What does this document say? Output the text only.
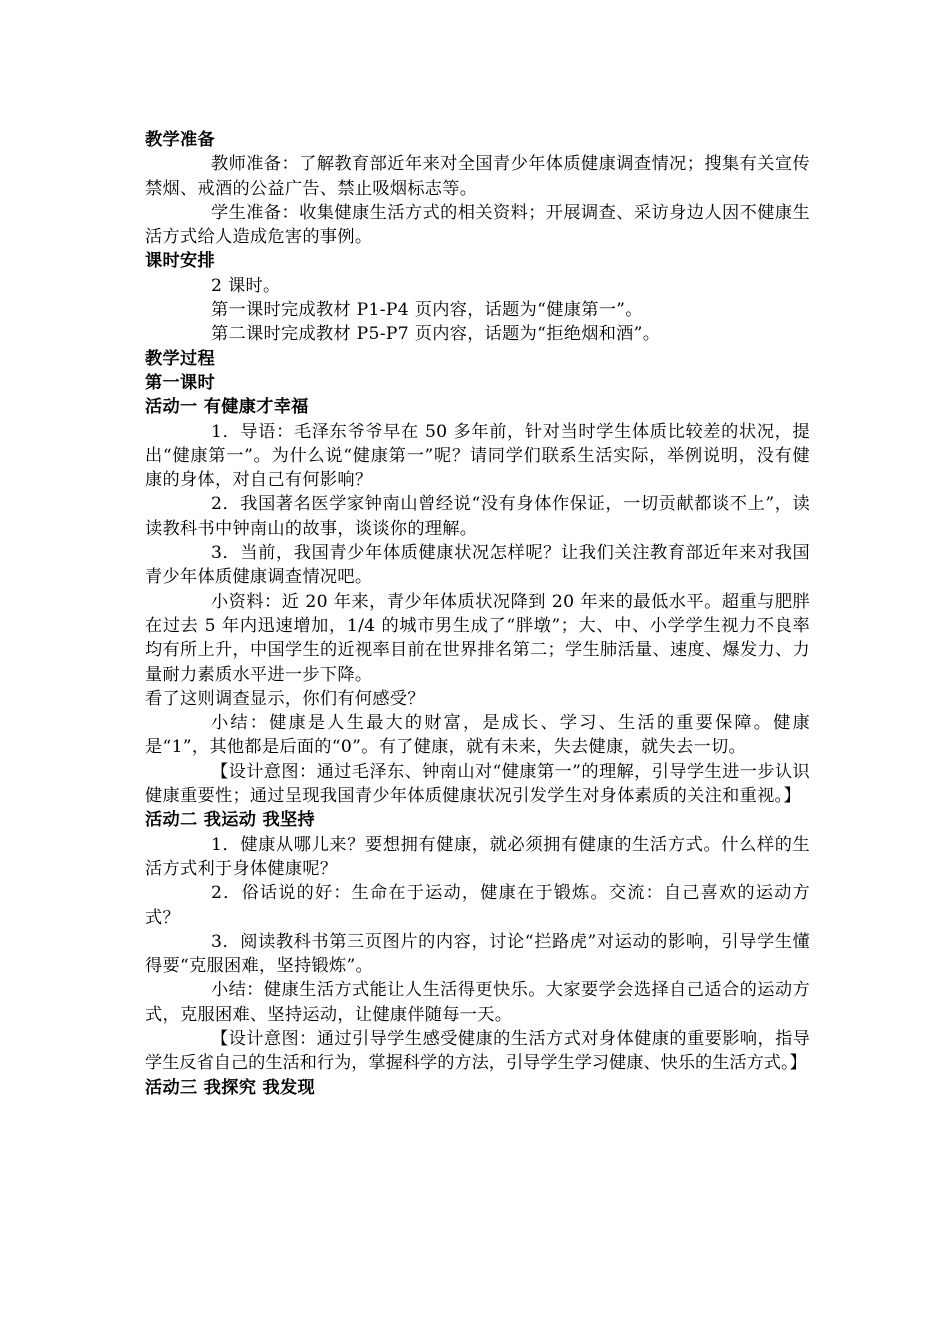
教学准备
教师准备：了解教育部近年来对全国青少年体质健康调查情况；搜集有关宣传禁烟、戒酒的公益广告、禁止吸烟标志等。
学生准备：收集健康生活方式的相关资料；开展调查、采访身边人因不健康生活方式给人造成危害的事例。
课时安排
2 课时。
第一课时完成教材 P1-P4 页内容，话题为“健康第一”。
第二课时完成教材 P5-P7 页内容，话题为“拒绝烟和酒”。
教学过程
第一课时
活动一 有健康才幸福
1．导语：毛泽东爷爷早在 50 多年前，针对当时学生体质比较差的状况，提出“健康第一”。为什么说“健康第一”呢？请同学们联系生活实际，举例说明，没有健康的身体，对自己有何影响？
2．我国著名医学家钟南山曾经说“没有身体作保证，一切贡献都谈不上”，读读教科书中钟南山的故事，谈谈你的理解。
3．当前，我国青少年体质健康状况怎样呢？让我们关注教育部近年来对我国青少年体质健康调查情况吧。
小资料：近 20 年来，青少年体质状况降到 20 年来的最低水平。超重与肥胖在过去 5 年内迅速增加，1/4 的城市男生成了“胖墩”；大、中、小学学生视力不良率均有所上升，中国学生的近视率目前在世界排名第二；学生肺活量、速度、爆发力、力量耐力素质水平进一步下降。
看了这则调查显示，你们有何感受？
小结：健康是人生最大的财富，是成长、学习、生活的重要保障。健康是“1”，其他都是后面的“0”。有了健康，就有未来，失去健康，就失去一切。
【设计意图：通过毛泽东、钟南山对“健康第一”的理解，引导学生进一步认识健康重要性；通过呈现我国青少年体质健康状况引发学生对身体素质的关注和重视。】
活动二 我运动 我坚持
1．健康从哪儿来？要想拥有健康，就必须拥有健康的生活方式。什么样的生活方式利于身体健康呢？
2．俗话说的好：生命在于运动，健康在于锻炼。交流：自己喜欢的运动方式？
3．阅读教科书第三页图片的内容，讨论“拦路虎”对运动的影响，引导学生懂得要“克服困难，坚持锻炼”。
小结：健康生活方式能让人生活得更快乐。大家要学会选择自己适合的运动方式，克服困难、坚持运动，让健康伴随每一天。
【设计意图：通过引导学生感受健康的生活方式对身体健康的重要影响，指导学生反省自己的生活和行为，掌握科学的方法，引导学生学习健康、快乐的生活方式。】
活动三 我探究 我发现
